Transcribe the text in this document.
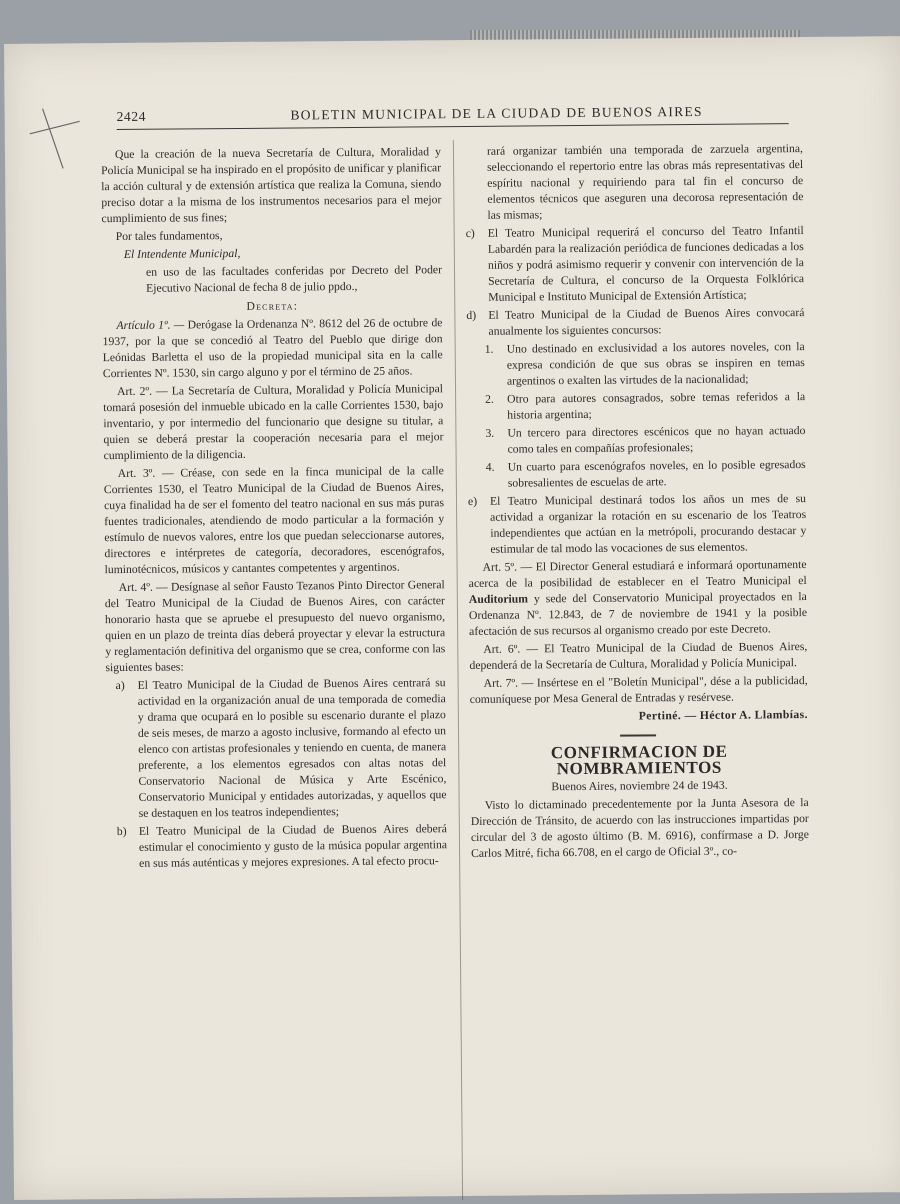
2424	BOLETIN MUNICIPAL DE LA CIUDAD DE BUENOS AIRES

Que la creación de la nueva Secretaría de Cultura, Moralidad y Policía Municipal se ha inspirado en el propósito de unificar y planificar la acción cultural y de extensión artística que realiza la Comuna, siendo preciso dotar a la misma de los instrumentos necesarios para el mejor cumplimiento de sus fines;

Por tales fundamentos,

El Intendente Municipal,

en uso de las facultades conferidas por Decreto del Poder Ejecutivo Nacional de fecha 8 de julio ppdo.,

Decreta:

Artículo 1º. — Derógase la Ordenanza Nº. 8612 del 26 de octubre de 1937, por la que se concedió al Teatro del Pueblo que dirige don Leónidas Barletta el uso de la propiedad municipal sita en la calle Corrientes Nº. 1530, sin cargo alguno y por el término de 25 años.

Art. 2º. — La Secretaría de Cultura, Moralidad y Policía Municipal tomará posesión del inmueble ubicado en la calle Corrientes 1530, bajo inventario, y por intermedio del funcionario que designe su titular, a quien se deberá prestar la cooperación necesaria para el mejor cumplimiento de la diligencia.

Art. 3º. — Créase, con sede en la finca municipal de la calle Corrientes 1530, el Teatro Municipal de la Ciudad de Buenos Aires, cuya finalidad ha de ser el fomento del teatro nacional en sus más puras fuentes tradicionales, atendiendo de modo particular a la formación y estímulo de nuevos valores, entre los que puedan seleccionarse autores, directores e intérpretes de categoría, decoradores, escenógrafos, luminotécnicos, músicos y cantantes competentes y argentinos.

Art. 4º. — Desígnase al señor Fausto Tezanos Pinto Director General del Teatro Municipal de la Ciudad de Buenos Aires, con carácter honorario hasta que se apruebe el presupuesto del nuevo organismo, quien en un plazo de treinta días deberá proyectar y elevar la estructura y reglamentación definitiva del organismo que se crea, conforme con las siguientes bases:

a)	El Teatro Municipal de la Ciudad de Buenos Aires centrará su actividad en la organización anual de una temporada de comedia y drama que ocupará en lo posible su escenario durante el plazo de seis meses, de marzo a agosto inclusive, formando al efecto un elenco con artistas profesionales y teniendo en cuenta, de manera preferente, a los elementos egresados con altas notas del Conservatorio Nacional de Música y Arte Escénico, Conservatorio Municipal y entidades autorizadas, y aquellos que se destaquen en los teatros independientes;
b)	El Teatro Municipal de la Ciudad de Buenos Aires deberá estimular el conocimiento y gusto de la música popular argentina en sus más auténticas y mejores expresiones. A tal efecto procu-

rará organizar también una temporada de zarzuela argentina, seleccionando el repertorio entre las obras más representativas del espíritu nacional y requiriendo para tal fin el concurso de elementos técnicos que aseguren una decorosa representación de las mismas;

c)	El Teatro Municipal requerirá el concurso del Teatro Infantil Labardén para la realización periódica de funciones dedicadas a los niños y podrá asimismo requerir y convenir con intervención de la Secretaría de Cultura, el concurso de la Orquesta Folklórica Municipal e Instituto Municipal de Extensión Artística;
d)	El Teatro Municipal de la Ciudad de Buenos Aires convocará anualmente los siguientes concursos:
1.	Uno destinado en exclusividad a los autores noveles, con la expresa condición de que sus obras se inspiren en temas argentinos o exalten las virtudes de la nacionalidad;
2.	Otro para autores consagrados, sobre temas referidos a la historia argentina;
3.	Un tercero para directores escénicos que no hayan actuado como tales en compañías profesionales;
4.	Un cuarto para escenógrafos noveles, en lo posible egresados sobresalientes de escuelas de arte.
e)	El Teatro Municipal destinará todos los años un mes de su actividad a organizar la rotación en su escenario de los Teatros independientes que actúan en la metrópoli, procurando destacar y estimular de tal modo las vocaciones de sus elementos.

Art. 5º. — El Director General estudiará e informará oportunamente acerca de la posibilidad de establecer en el Teatro Municipal el Auditorium y sede del Conservatorio Municipal proyectados en la Ordenanza Nº. 12.843, de 7 de noviembre de 1941 y la posible afectación de sus recursos al organismo creado por este Decreto.

Art. 6º. — El Teatro Municipal de la Ciudad de Buenos Aires, dependerá de la Secretaría de Cultura, Moralidad y Policía Municipal.

Art. 7º. — Insértese en el "Boletín Municipal", dése a la publicidad, comuníquese por Mesa General de Entradas y resérvese.

Pertiné. — Héctor A. Llambías.

CONFIRMACION DE NOMBRAMIENTOS

Buenos Aires, noviembre 24 de 1943.

Visto lo dictaminado precedentemente por la Junta Asesora de la Dirección de Tránsito, de acuerdo con las instrucciones impartidas por circular del 3 de agosto último (B. M. 6916), confírmase a D. Jorge Carlos Mitré, ficha 66.708, en el cargo de Oficial 3º., co-
